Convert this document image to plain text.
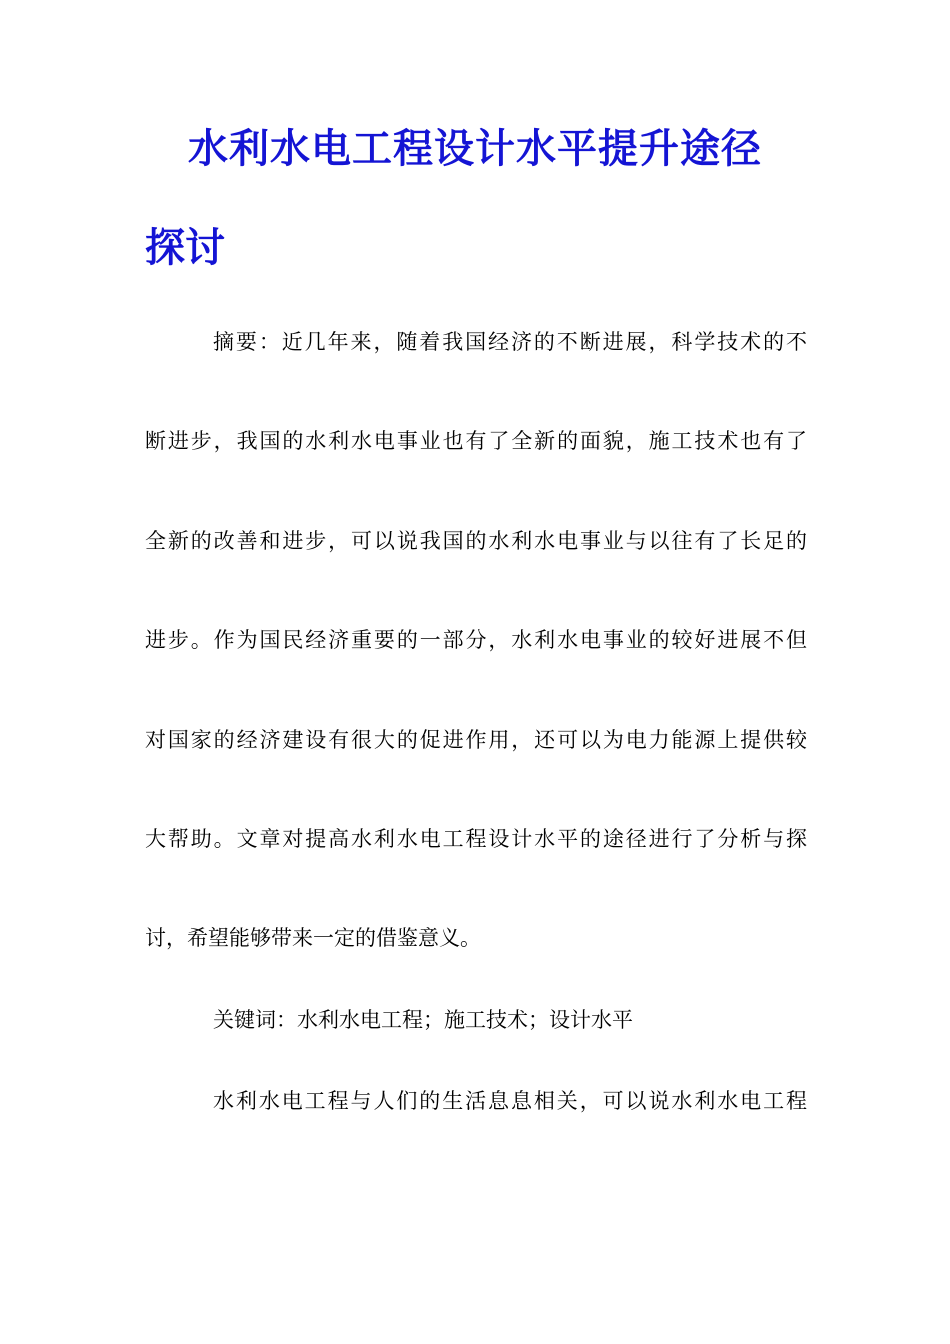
水利水电工程设计水平提升途径
探讨
摘要：近几年来，随着我国经济的不断进展，科学技术的不
断进步，我国的水利水电事业也有了全新的面貌，施工技术也有了
全新的改善和进步，可以说我国的水利水电事业与以往有了长足的
进步。作为国民经济重要的一部分，水利水电事业的较好进展不但
对国家的经济建设有很大的促进作用，还可以为电力能源上提供较
大帮助。文章对提高水利水电工程设计水平的途径进行了分析与探
讨，希望能够带来一定的借鉴意义。
关键词：水利水电工程；施工技术；设计水平
水利水电工程与人们的生活息息相关，可以说水利水电工程
